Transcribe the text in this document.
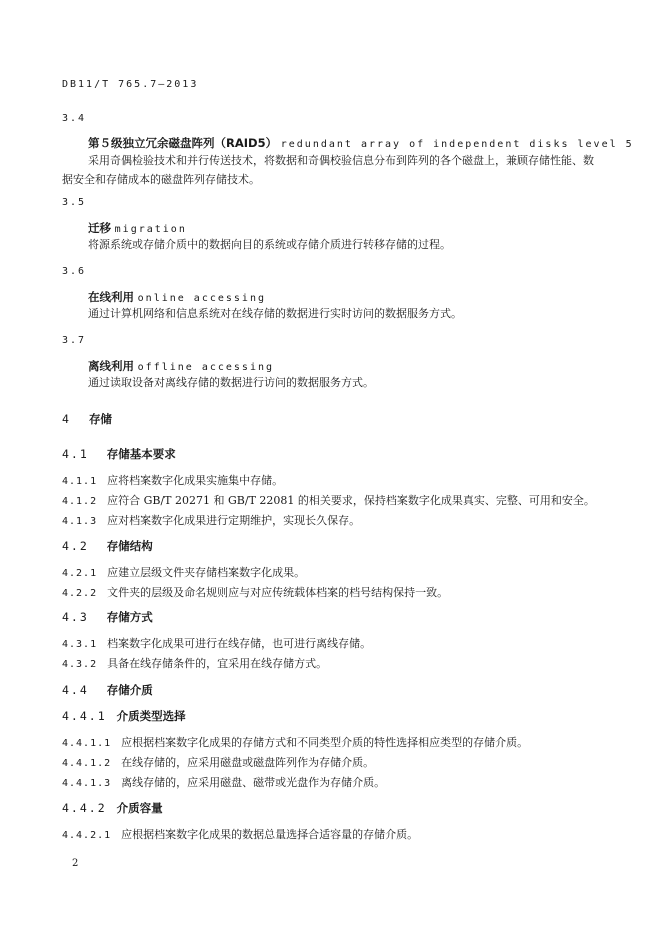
DB11/T 765.7—2013
3.4
第５级独立冗余磁盘阵列（RAID5） redundant array of independent disks level 5
采用奇偶检验技术和并行传送技术，将数据和奇偶校验信息分布到阵列的各个磁盘上，兼顾存储性能、数据安全和存储成本的磁盘阵列存储技术。
3.5
迁移 migration
将源系统或存储介质中的数据向目的系统或存储介质进行转移存储的过程。
3.6
在线利用 online accessing
通过计算机网络和信息系统对在线存储的数据进行实时访问的数据服务方式。
3.7
离线利用 offline accessing
通过读取设备对离线存储的数据进行访问的数据服务方式。
4 存储
4.1 存储基本要求
4.1.1 应将档案数字化成果实施集中存储。
4.1.2 应符合 GB/T 20271 和 GB/T 22081 的相关要求，保持档案数字化成果真实、完整、可用和安全。
4.1.3 应对档案数字化成果进行定期维护，实现长久保存。
4.2 存储结构
4.2.1 应建立层级文件夹存储档案数字化成果。
4.2.2 文件夹的层级及命名规则应与对应传统载体档案的档号结构保持一致。
4.3 存储方式
4.3.1 档案数字化成果可进行在线存储，也可进行离线存储。
4.3.2 具备在线存储条件的，宜采用在线存储方式。
4.4 存储介质
4.4.1 介质类型选择
4.4.1.1 应根据档案数字化成果的存储方式和不同类型介质的特性选择相应类型的存储介质。
4.4.1.2 在线存储的，应采用磁盘或磁盘阵列作为存储介质。
4.4.1.3 离线存储的，应采用磁盘、磁带或光盘作为存储介质。
4.4.2 介质容量
4.4.2.1 应根据档案数字化成果的数据总量选择合适容量的存储介质。
2
